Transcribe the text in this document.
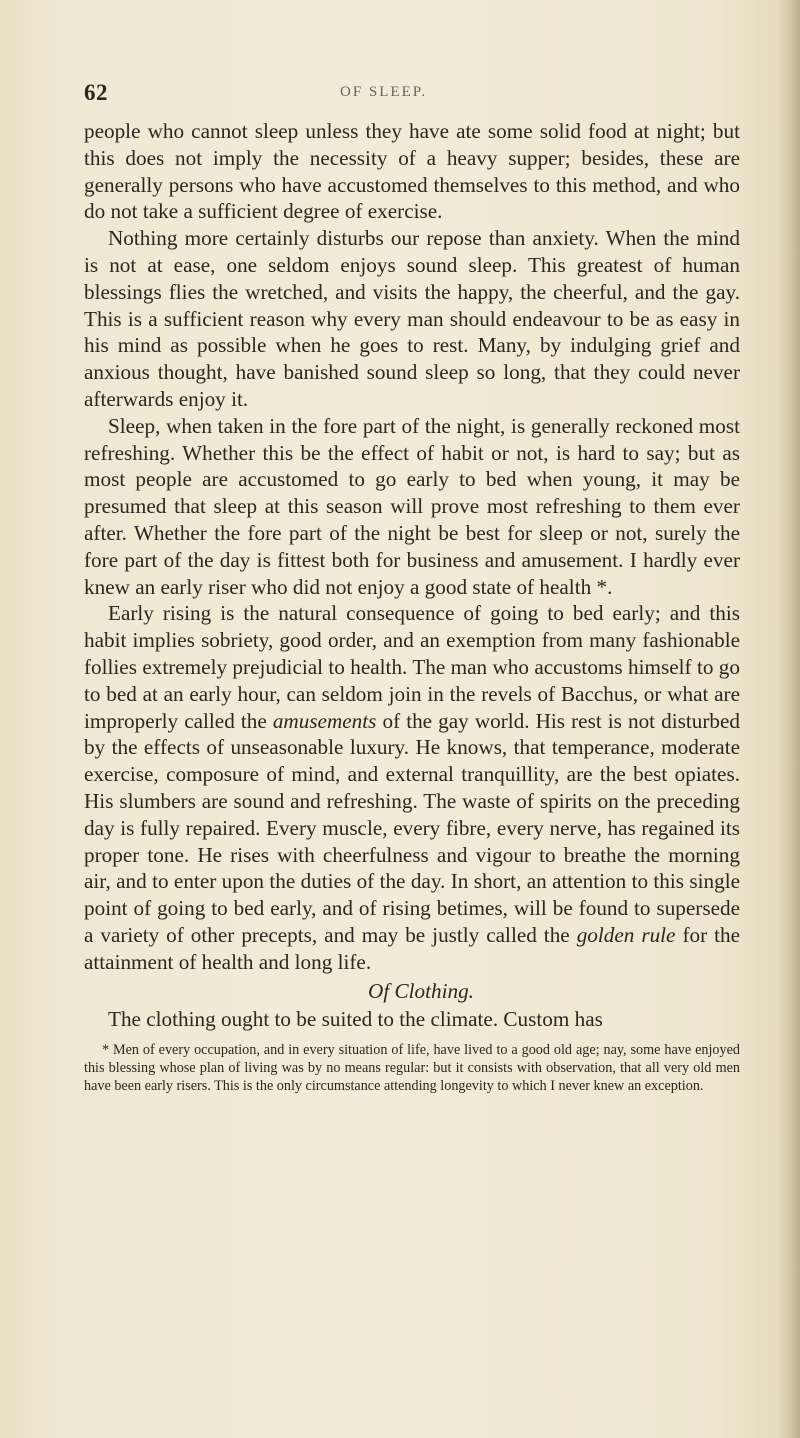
62	OF SLEEP.

people who cannot sleep unless they have ate some solid food at night; but this does not imply the necessity of a heavy supper; besides, these are generally persons who have accustomed themselves to this method, and who do not take a sufficient degree of exercise.

Nothing more certainly disturbs our repose than anxiety. When the mind is not at ease, one seldom enjoys sound sleep. This greatest of human blessings flies the wretched, and visits the happy, the cheerful, and the gay. This is a sufficient reason why every man should endeavour to be as easy in his mind as possible when he goes to rest. Many, by indulging grief and anxious thought, have banished sound sleep so long, that they could never afterwards enjoy it.

Sleep, when taken in the fore part of the night, is generally reckoned most refreshing. Whether this be the effect of habit or not, is hard to say; but as most people are accustomed to go early to bed when young, it may be presumed that sleep at this season will prove most refreshing to them ever after. Whether the fore part of the night be best for sleep or not, surely the fore part of the day is fittest both for business and amusement. I hardly ever knew an early riser who did not enjoy a good state of health *.

Early rising is the natural consequence of going to bed early; and this habit implies sobriety, good order, and an exemption from many fashionable follies extremely prejudicial to health. The man who accustoms himself to go to bed at an early hour, can seldom join in the revels of Bacchus, or what are improperly called the amusements of the gay world. His rest is not disturbed by the effects of unseasonable luxury. He knows, that temperance, moderate exercise, composure of mind, and external tranquillity, are the best opiates. His slumbers are sound and refreshing. The waste of spirits on the preceding day is fully repaired. Every muscle, every fibre, every nerve, has regained its proper tone. He rises with cheerfulness and vigour to breathe the morning air, and to enter upon the duties of the day. In short, an attention to this single point of going to bed early, and of rising betimes, will be found to supersede a variety of other precepts, and may be justly called the golden rule for the attainment of health and long life.

Of Clothing.

The clothing ought to be suited to the climate. Custom has

* Men of every occupation, and in every situation of life, have lived to a good old age; nay, some have enjoyed this blessing whose plan of living was by no means regular: but it consists with observation, that all very old men have been early risers. This is the only circumstance attending longevity to which I never knew an exception.
